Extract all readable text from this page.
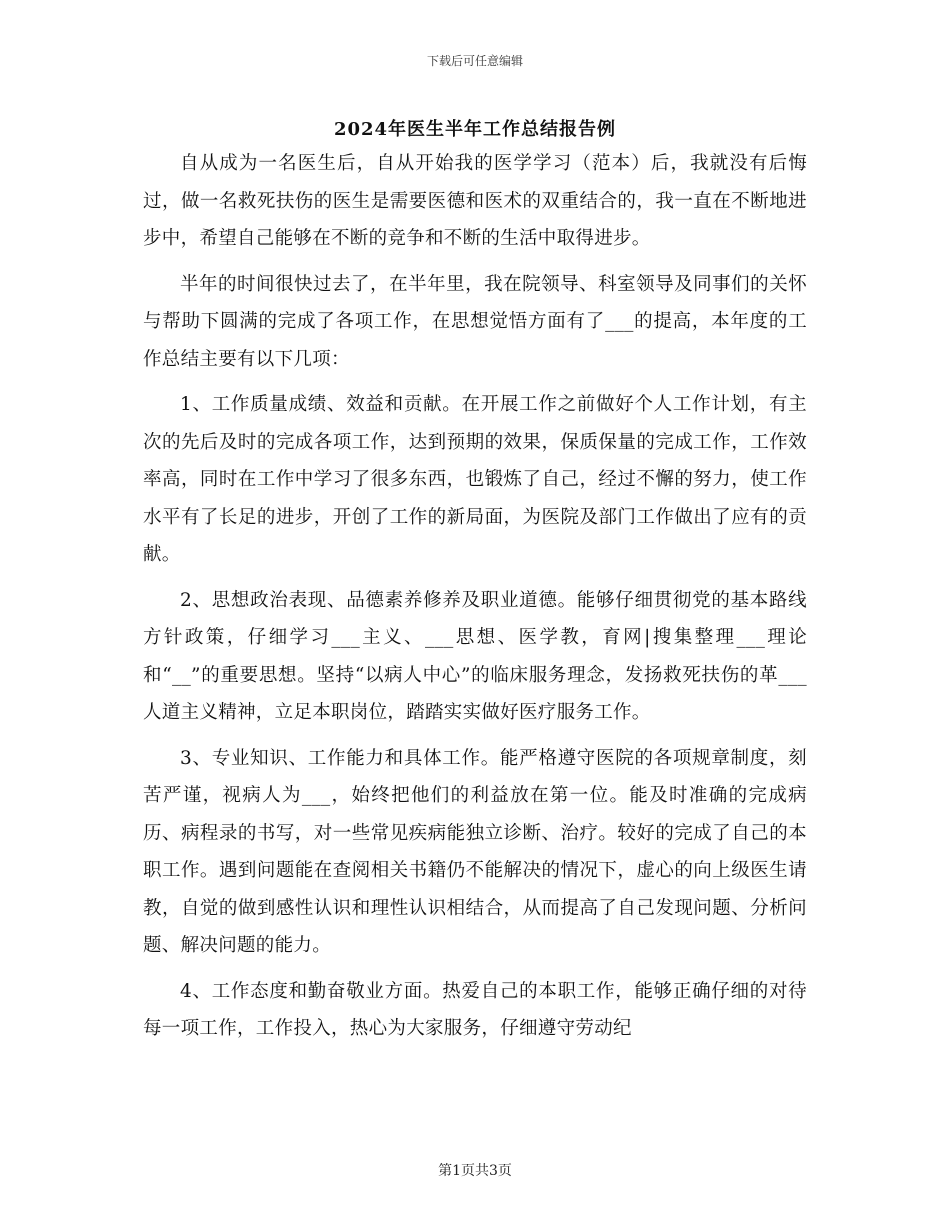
下载后可任意编辑
2024年医生半年工作总结报告例

自从成为一名医生后，自从开始我的医学学习（范本）后，我就没有后悔过，做一名救死扶伤的医生是需要医德和医术的双重结合的，我一直在不断地进步中，希望自己能够在不断的竞争和不断的生活中取得进步。

半年的时间很快过去了，在半年里，我在院领导、科室领导及同事们的关怀与帮助下圆满的完成了各项工作，在思想觉悟方面有了___的提高，本年度的工作总结主要有以下几项：

1、工作质量成绩、效益和贡献。在开展工作之前做好个人工作计划，有主次的先后及时的完成各项工作，达到预期的效果，保质保量的完成工作，工作效率高，同时在工作中学习了很多东西，也锻炼了自己，经过不懈的努力，使工作水平有了长足的进步，开创了工作的新局面，为医院及部门工作做出了应有的贡献。

2、思想政治表现、品德素养修养及职业道德。能够仔细贯彻党的基本路线方针政策，仔细学习___主义、___思想、医学教，育网|搜集整理___理论和“__”的重要思想。坚持“以病人中心”的临床服务理念，发扬救死扶伤的革___人道主义精神，立足本职岗位，踏踏实实做好医疗服务工作。

3、专业知识、工作能力和具体工作。能严格遵守医院的各项规章制度，刻苦严谨，视病人为___，始终把他们的利益放在第一位。能及时准确的完成病历、病程录的书写，对一些常见疾病能独立诊断、治疗。较好的完成了自己的本职工作。遇到问题能在查阅相关书籍仍不能解决的情况下，虚心的向上级医生请教，自觉的做到感性认识和理性认识相结合，从而提高了自己发现问题、分析问题、解决问题的能力。

4、工作态度和勤奋敬业方面。热爱自己的本职工作，能够正确仔细的对待每一项工作，工作投入，热心为大家服务，仔细遵守劳动纪

第1页共3页
